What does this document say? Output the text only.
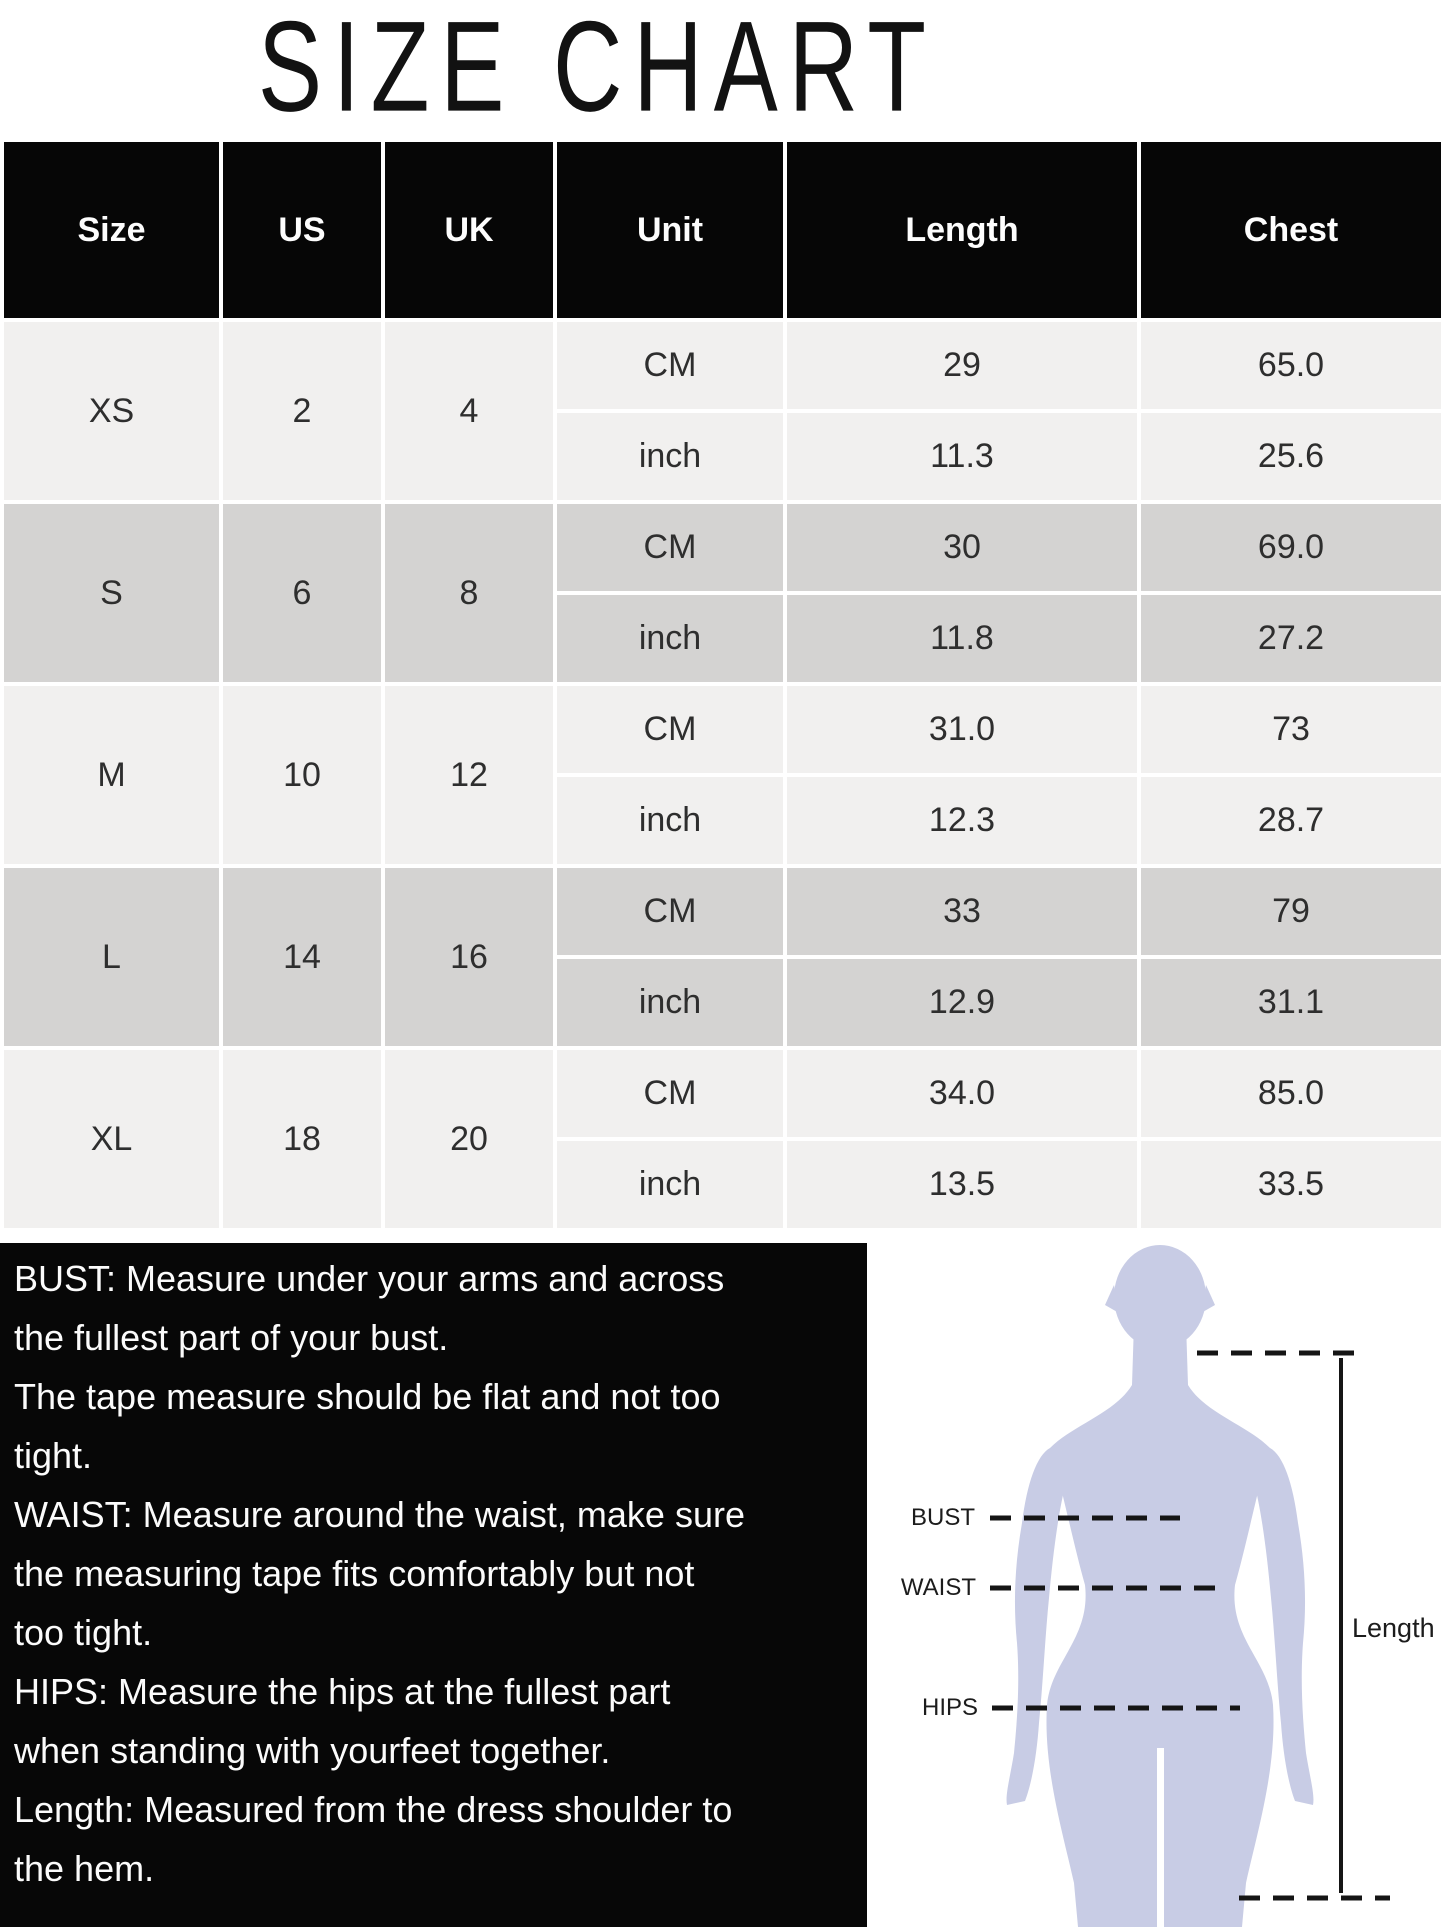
SIZE CHART
Size	US	UK	Unit	Length	Chest
XS	2	4	CM	29	65.0
			inch	11.3	25.6
S	6	8	CM	30	69.0
			inch	11.8	27.2
M	10	12	CM	31.0	73
			inch	12.3	28.7
L	14	16	CM	33	79
			inch	12.9	31.1
XL	18	20	CM	34.0	85.0
			inch	13.5	33.5
BUST: Measure under your arms and across
the fullest part of your bust.
The tape measure should be flat and not too
tight.
WAIST: Measure around the waist, make sure
the measuring tape fits comfortably but not
too tight.
HIPS: Measure the hips at the fullest part
when standing with yourfeet together.
Length: Measured from the dress shoulder to
the hem.
BUST
WAIST
HIPS
Length
